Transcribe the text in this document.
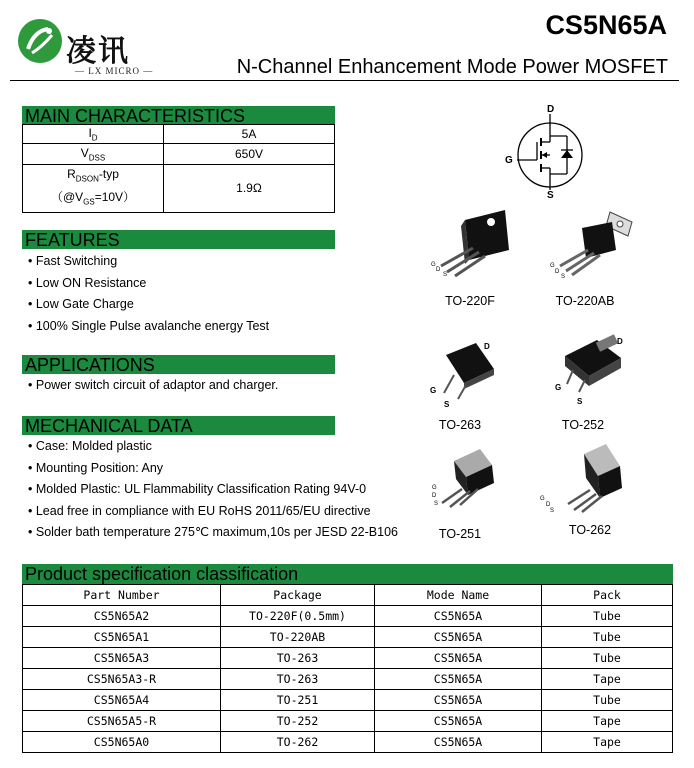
凌讯
— LX MICRO —
CS5N65A
N-Channel Enhancement Mode Power MOSFET
MAIN CHARACTERISTICS
$I_D$	5A
$V_{DSS}$	650V
$R_{DSON}$-typ
$(@V_{GS}=10V)$	1.9Ω
D
G
S
FEATURES
• Fast Switching
• Low ON Resistance
• Low Gate Charge
• 100% Single Pulse avalanche energy Test
APPLICATIONS
• Power switch circuit of adaptor and charger.
MECHANICAL DATA
• Case: Molded plastic
• Mounting Position: Any
• Molded Plastic: UL Flammability Classification Rating 94V-0
• Lead free in compliance with EU RoHS 2011/65/EU directive
• Solder bath temperature 275℃ maximum,10s per JESD 22-B106
G
D
S
TO-220F
G
D
S
TO-220AB
D
G
S
TO-263
D
G
S
TO-252
G
D
S
TO-251
G
D
S
TO-262
Product specification classification
Part Number	Package	Mode Name	Pack
CS5N65A2	TO-220F(0.5mm)	CS5N65A	Tube
CS5N65A1	TO-220AB	CS5N65A	Tube
CS5N65A3	TO-263	CS5N65A	Tube
CS5N65A3-R	TO-263	CS5N65A	Tape
CS5N65A4	TO-251	CS5N65A	Tube
CS5N65A5-R	TO-252	CS5N65A	Tape
CS5N65A0	TO-262	CS5N65A	Tape
